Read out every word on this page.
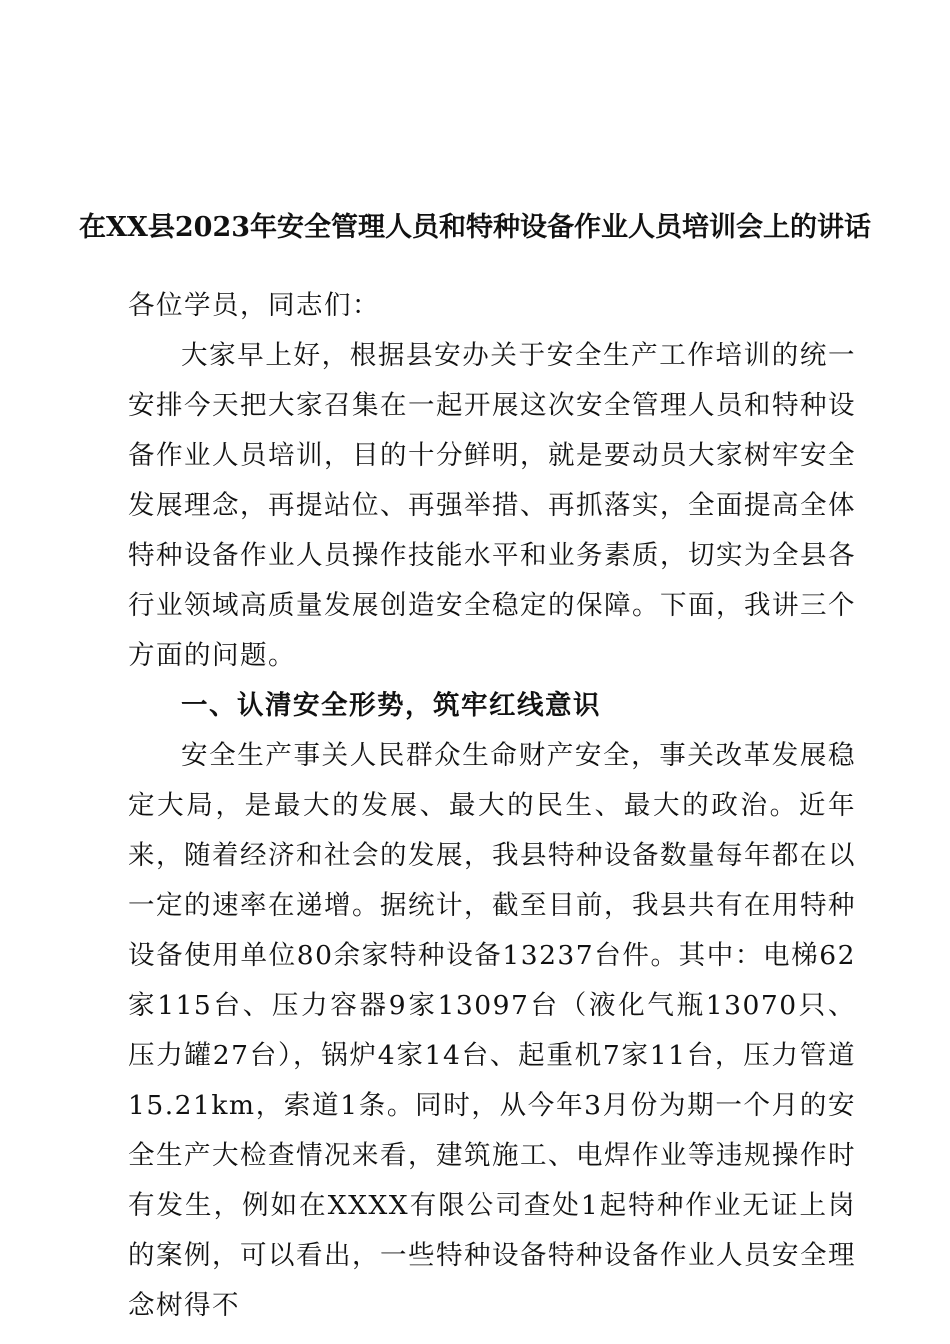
在XX县2023年安全管理人员和特种设备作业人员培训会上的讲话

各位学员，同志们：

大家早上好，根据县安办关于安全生产工作培训的统一安排今天把大家召集在一起开展这次安全管理人员和特种设备作业人员培训，目的十分鲜明，就是要动员大家树牢安全发展理念，再提站位、再强举措、再抓落实，全面提高全体特种设备作业人员操作技能水平和业务素质，切实为全县各行业领域高质量发展创造安全稳定的保障。下面，我讲三个方面的问题。

一、认清安全形势，筑牢红线意识

安全生产事关人民群众生命财产安全，事关改革发展稳定大局，是最大的发展、最大的民生、最大的政治。近年来，随着经济和社会的发展，我县特种设备数量每年都在以一定的速率在递增。据统计，截至目前，我县共有在用特种设备使用单位80余家特种设备13237台件。其中：电梯62家115台、压力容器9家13097台（液化气瓶13070只、压力罐27台），锅炉4家14台、起重机7家11台，压力管道15.21km，索道1条。同时，从今年3月份为期一个月的安全生产大检查情况来看，建筑施工、电焊作业等违规操作时有发生，例如在XXXX有限公司查处1起特种作业无证上岗的案例，可以看出，一些特种设备特种设备作业人员安全理念树得不
